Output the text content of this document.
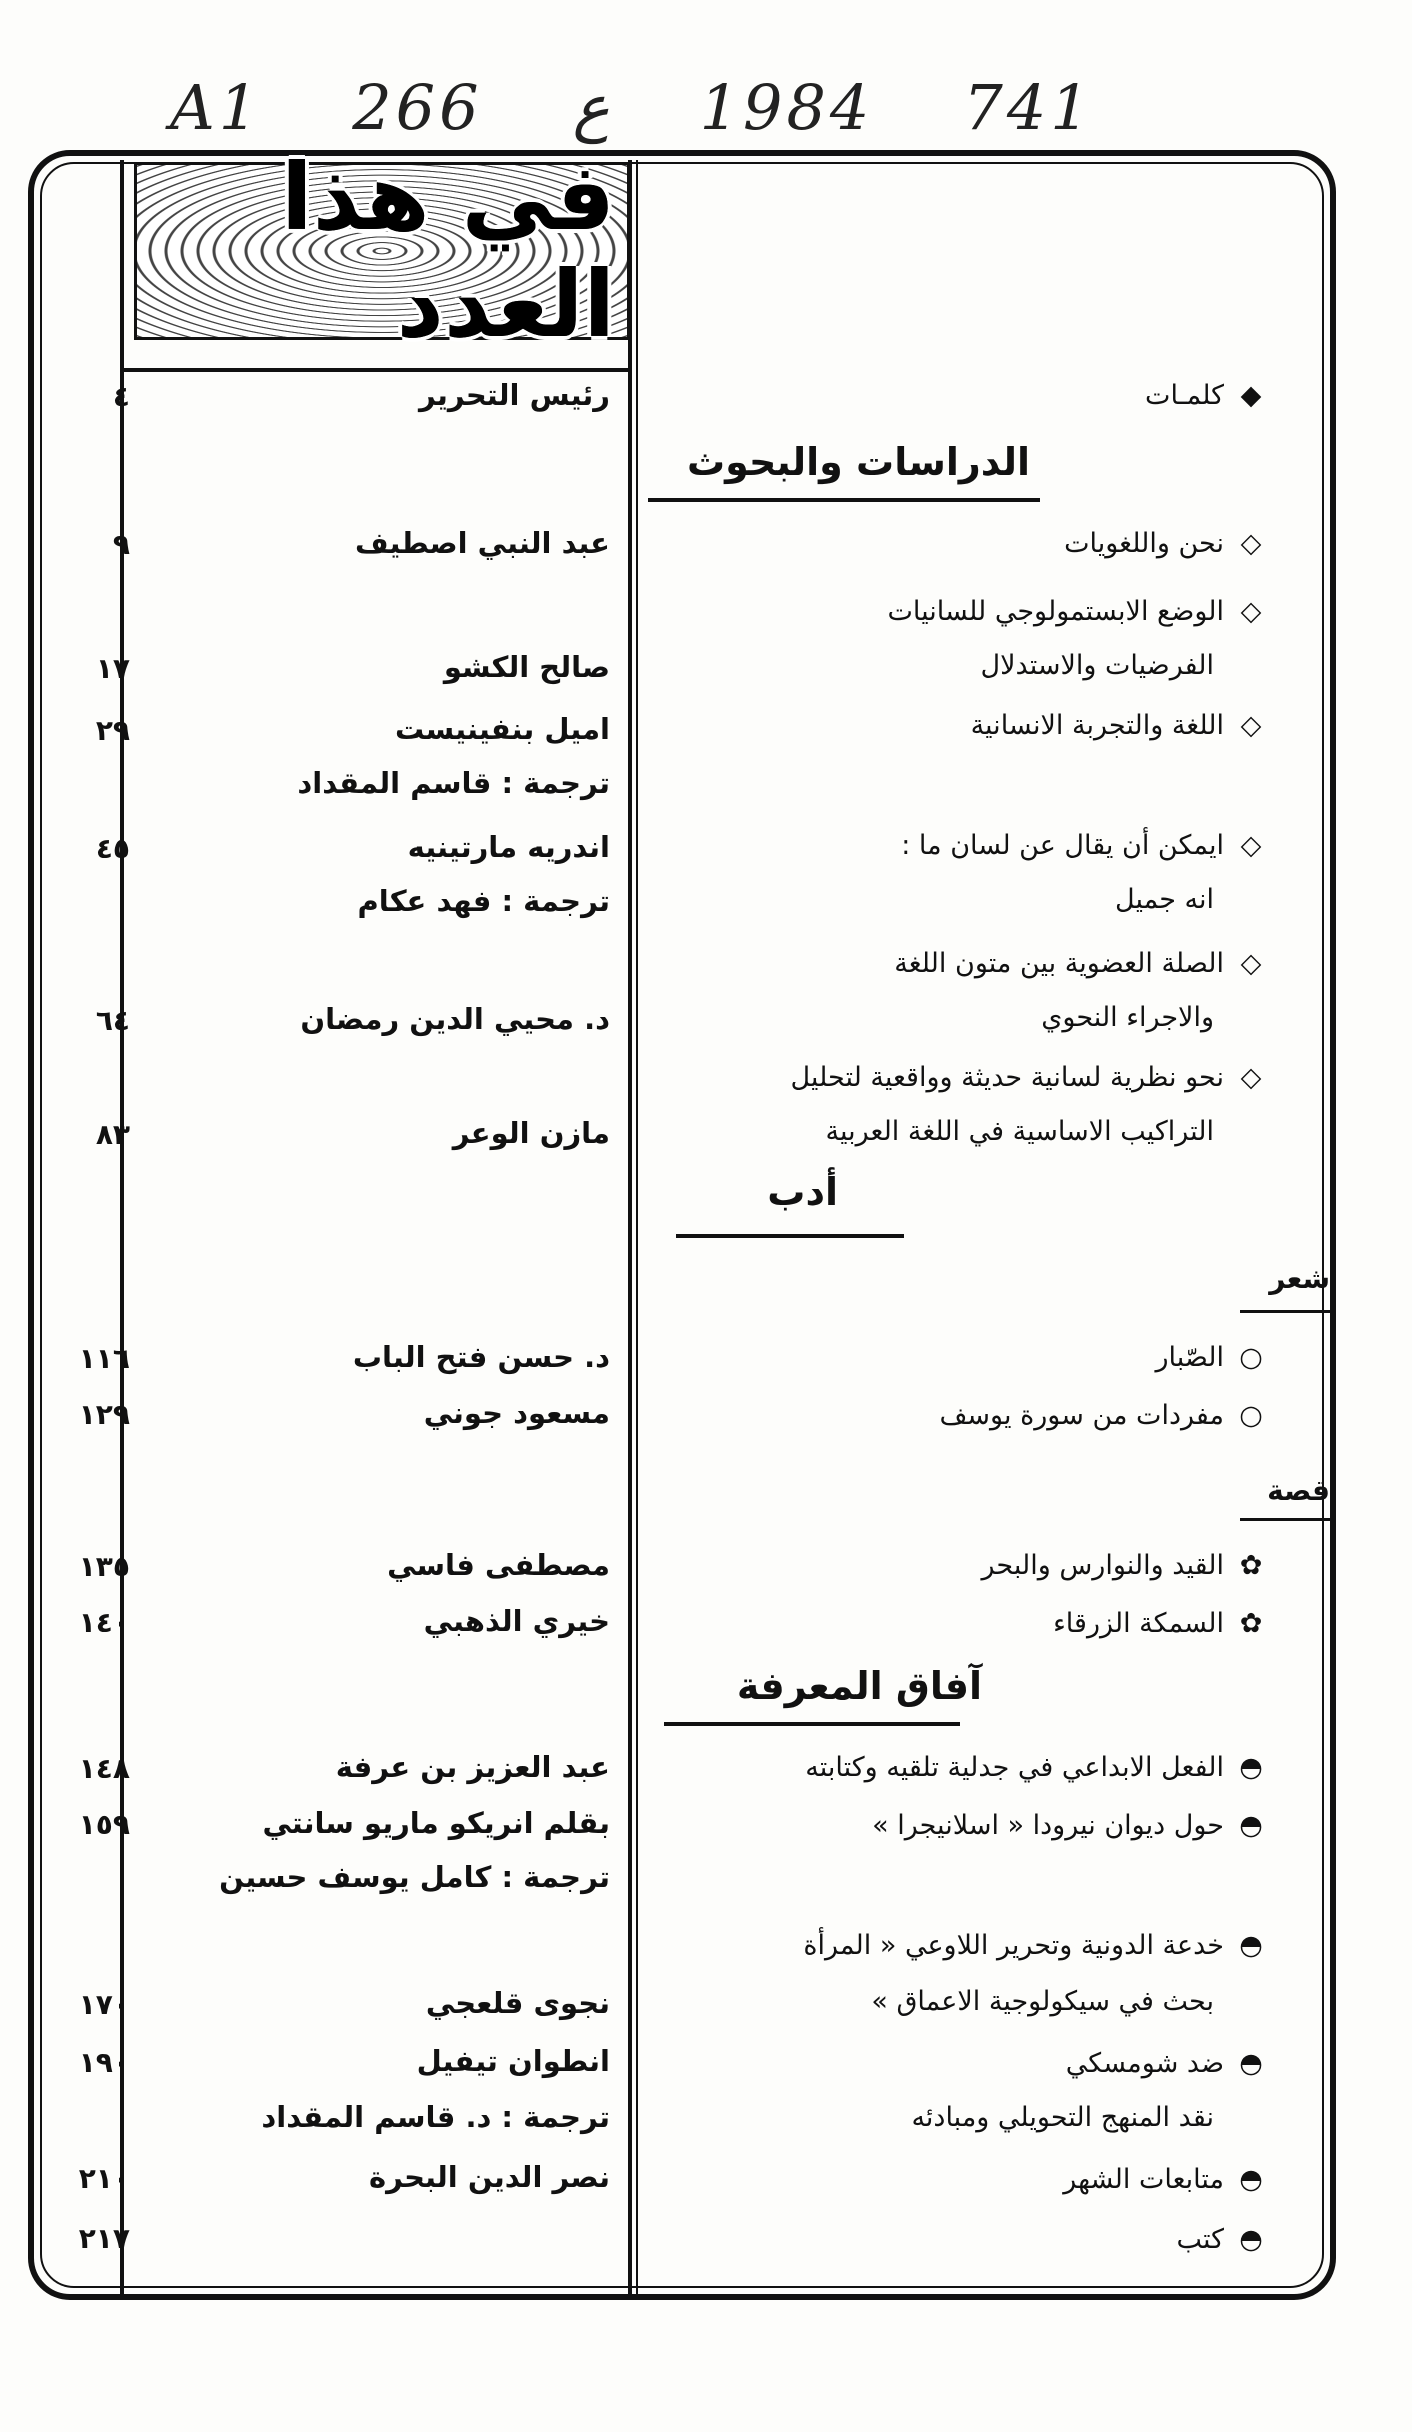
A1 266 ع 1984 741
في هذا العدد
الدراسات والبحوث
أدب
شعر
قصة
آفاق المعرفة
◆كلمـات
◇نحن واللغويات
◇الوضع الابستمولوجي للسانيات
الفرضيات والاستدلال
◇اللغة والتجربة الانسانية
◇ايمكن أن يقال عن لسان ما :
انه جميل
◇الصلة العضوية بين متون اللغة
والاجراء النحوي
◇نحو نظرية لسانية حديثة وواقعية لتحليل
التراكيب الاساسية في اللغة العربية
○الصّبار
○مفردات من سورة يوسف
✿القيد والنوارس والبحر
✿السمكة الزرقاء
◓الفعل الابداعي في جدلية تلقيه وكتابته
◓حول ديوان نيرودا « اسلانيجرا »
◓خدعة الدونية وتحرير اللاوعي « المرأة
بحث في سيكولوجية الاعماق »
◓ضد شومسكي
نقد المنهج التحويلي ومبادئه
◓متابعات الشهر
◓كتب
رئيس التحرير
عبد النبي اصطيف
صالح الكشو
اميل بنفينيست
ترجمة : قاسم المقداد
اندريه مارتينيه
ترجمة : فهد عكام
د. محيي الدين رمضان
مازن الوعر
د. حسن فتح الباب
مسعود جوني
مصطفى فاسي
خيري الذهبي
عبد العزيز بن عرفة
بقلم انريكو ماريو سانتي
ترجمة : كامل يوسف حسين
نجوى قلعجي
انطوان تيفيل
ترجمة : د. قاسم المقداد
نصر الدين البحرة
٤
٩
١٧
٢٩
٤٥
٦٤
٨٣
١١٦
١٢٩
١٣٥
١٤٠
١٤٨
١٥٩
١٧٠
١٩٠
٢١٠
٢١٧
